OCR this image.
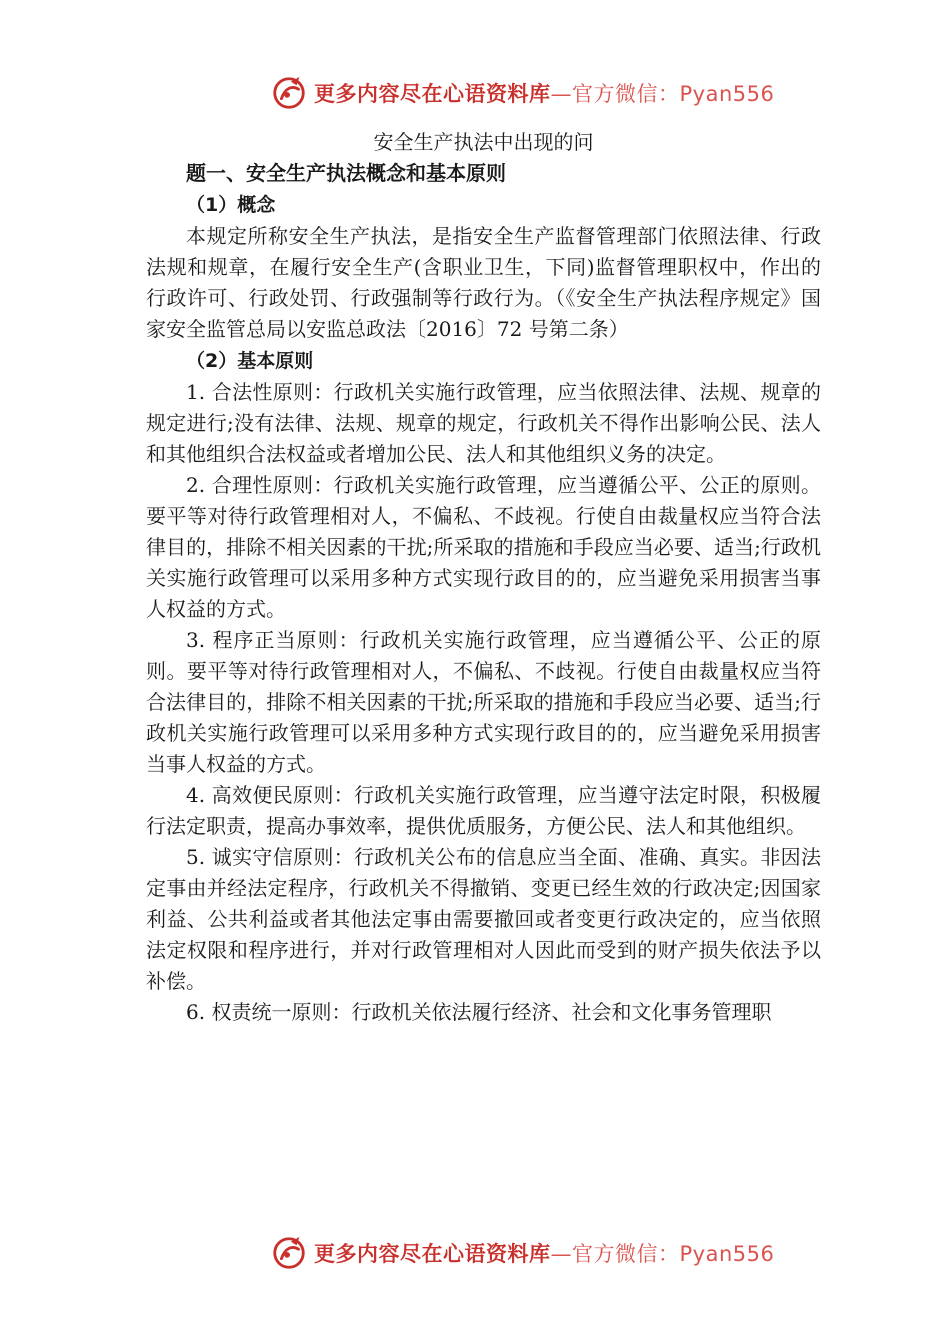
更多内容尽在心语资料库 —官方微信：Pyan556

安全生产执法中出现的问

题一、安全生产执法概念和基本原则

（1）概念

本规定所称安全生产执法，是指安全生产监督管理部门依照法律、行政法规和规章，在履行安全生产(含职业卫生，下同)监督管理职权中，作出的行政许可、行政处罚、行政强制等行政行为。（《安全生产执法程序规定》国家安全监管总局以安监总政法〔2016〕72 号第二条）

（2）基本原则

1. 合法性原则：行政机关实施行政管理，应当依照法律、法规、规章的规定进行;没有法律、法规、规章的规定，行政机关不得作出影响公民、法人和其他组织合法权益或者增加公民、法人和其他组织义务的决定。

2. 合理性原则：行政机关实施行政管理，应当遵循公平、公正的原则。要平等对待行政管理相对人，不偏私、不歧视。行使自由裁量权应当符合法律目的，排除不相关因素的干扰;所采取的措施和手段应当必要、适当;行政机关实施行政管理可以采用多种方式实现行政目的的，应当避免采用损害当事人权益的方式。

3. 程序正当原则：行政机关实施行政管理，应当遵循公平、公正的原则。要平等对待行政管理相对人，不偏私、不歧视。行使自由裁量权应当符合法律目的，排除不相关因素的干扰;所采取的措施和手段应当必要、适当;行政机关实施行政管理可以采用多种方式实现行政目的的，应当避免采用损害当事人权益的方式。

4. 高效便民原则：行政机关实施行政管理，应当遵守法定时限，积极履行法定职责，提高办事效率，提供优质服务，方便公民、法人和其他组织。

5. 诚实守信原则：行政机关公布的信息应当全面、准确、真实。非因法定事由并经法定程序，行政机关不得撤销、变更已经生效的行政决定;因国家利益、公共利益或者其他法定事由需要撤回或者变更行政决定的，应当依照法定权限和程序进行，并对行政管理相对人因此而受到的财产损失依法予以补偿。

6. 权责统一原则：行政机关依法履行经济、社会和文化事务管理职

更多内容尽在心语资料库 —官方微信：Pyan556
